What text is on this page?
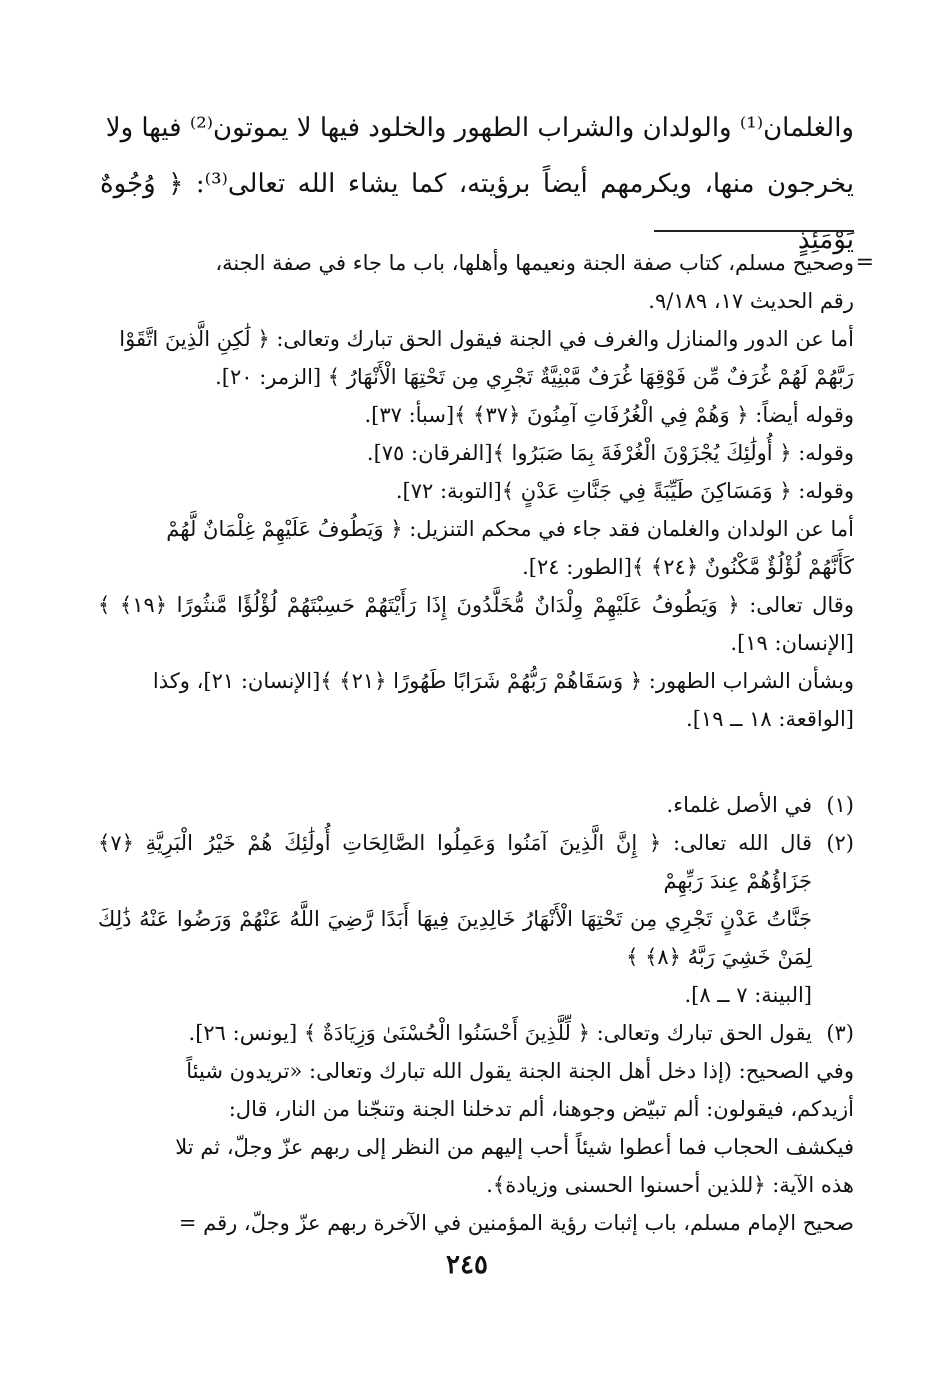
والغلمان⁽¹⁾ والولدان والشراب الطهور والخلود فيها لا يموتون⁽²⁾ فيها ولا

يخرجون منها، ويكرمهم أيضاً برؤيته، كما يشاء الله تعالى⁽³⁾: ﴿ وُجُوهٌ يَوْمَئِذٍ

=

وصحيح مسلم، كتاب صفة الجنة ونعيمها وأهلها، باب ما جاء في صفة الجنة،

رقم الحديث ١٧، ٩/١٨٩.

أما عن الدور والمنازل والغرف في الجنة فيقول الحق تبارك وتعالى: ﴿ لَٰكِنِ الَّذِينَ اتَّقَوْا

رَبَّهُمْ لَهُمْ غُرَفٌ مِّن فَوْقِهَا غُرَفٌ مَّبْنِيَّةٌ تَجْرِي مِن تَحْتِهَا الْأَنْهَارُ ﴾ [الزمر: ٢٠].

وقوله أيضاً: ﴿ وَهُمْ فِي الْغُرُفَاتِ آمِنُونَ ﴿٣٧﴾ ﴾[سبأ: ٣٧].

وقوله: ﴿ أُولَٰئِكَ يُجْزَوْنَ الْغُرْفَةَ بِمَا صَبَرُوا ﴾[الفرقان: ٧٥].

وقوله: ﴿ وَمَسَاكِنَ طَيِّبَةً فِي جَنَّاتِ عَدْنٍ ﴾[التوبة: ٧٢].

أما عن الولدان والغلمان فقد جاء في محكم التنزيل: ﴿ وَيَطُوفُ عَلَيْهِمْ غِلْمَانٌ لَّهُمْ

كَأَنَّهُمْ لُؤْلُؤٌ مَّكْنُونٌ ﴿٢٤﴾ ﴾[الطور: ٢٤].

وقال تعالى: ﴿ وَيَطُوفُ عَلَيْهِمْ وِلْدَانٌ مُّخَلَّدُونَ إِذَا رَأَيْتَهُمْ حَسِبْتَهُمْ لُؤْلُؤًا مَّنثُورًا ﴿١٩﴾ ﴾ [الإنسان: ١٩].

وبشأن الشراب الطهور: ﴿ وَسَقَاهُمْ رَبُّهُمْ شَرَابًا طَهُورًا ﴿٢١﴾ ﴾[الإنسان: ٢١]، وكذا

[الواقعة: ١٨ ــ ١٩].

(١)

في الأصل غلماء.

(٢)

قال الله تعالى: ﴿ إِنَّ الَّذِينَ آمَنُوا وَعَمِلُوا الصَّالِحَاتِ أُولَٰئِكَ هُمْ خَيْرُ الْبَرِيَّةِ ﴿٧﴾ جَزَاؤُهُمْ عِندَ رَبِّهِمْ

جَنَّاتُ عَدْنٍ تَجْرِي مِن تَحْتِهَا الْأَنْهَارُ خَالِدِينَ فِيهَا أَبَدًا رَّضِيَ اللَّهُ عَنْهُمْ وَرَضُوا عَنْهُ ذَٰلِكَ لِمَنْ خَشِيَ رَبَّهُ ﴿٨﴾ ﴾

[البينة: ٧ ــ ٨].

(٣)

يقول الحق تبارك وتعالى: ﴿ لِّلَّذِينَ أَحْسَنُوا الْحُسْنَىٰ وَزِيَادَةٌ ﴾ [يونس: ٢٦].

وفي الصحيح: (إذا دخل أهل الجنة الجنة يقول الله تبارك وتعالى: «تريدون شيئاً

أزيدكم، فيقولون: ألم تبيّض وجوهنا، ألم تدخلنا الجنة وتنجّنا من النار، قال:

فيكشف الحجاب فما أعطوا شيئاً أحب إليهم من النظر إلى ربهم عزّ وجلّ، ثم تلا

هذه الآية: ﴿للذين أحسنوا الحسنى وزيادة﴾.

صحيح الإمام مسلم، باب إثبات رؤية المؤمنين في الآخرة ربهم عزّ وجلّ، رقم =

٢٤٥
